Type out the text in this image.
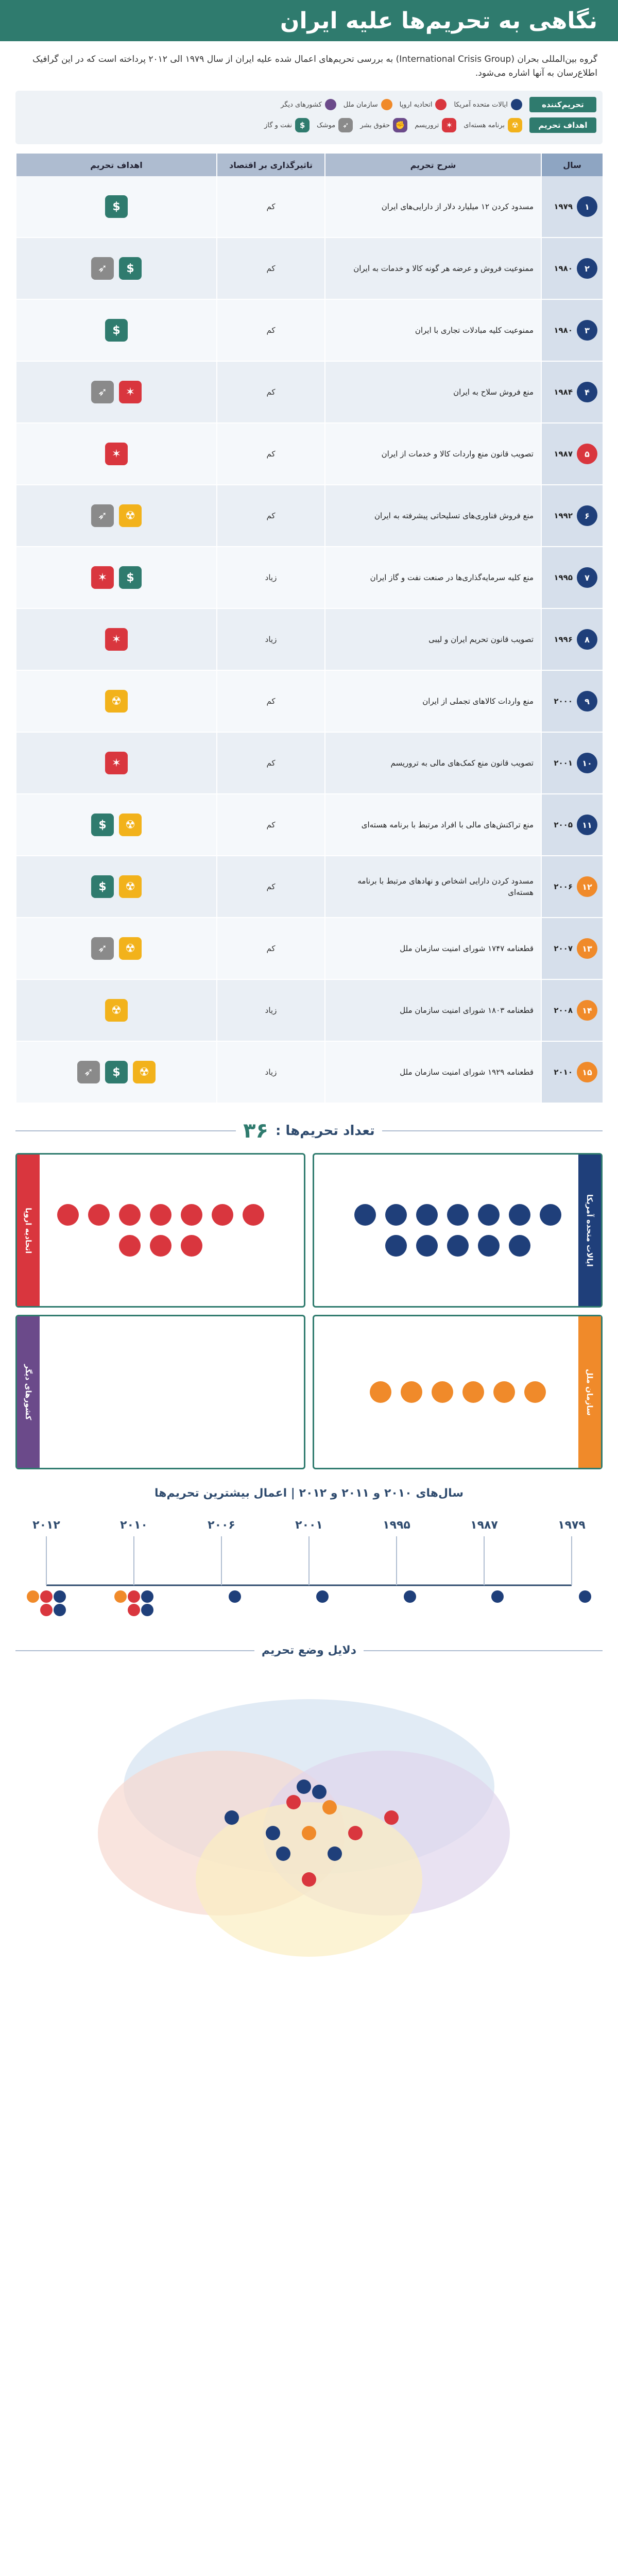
نگاهی به تحریم‌ها علیه ایران

گروه بین‌المللی بحران (International Crisis Group) به بررسی تحریم‌های اعمال شده علیه ایران از سال ۱۹۷۹ الی ۲۰۱۲ پرداخته است که در این گرافیک اطلاع‌رسان به آنها اشاره می‌شود.

تحریم‌کننده
ایالات متحده آمریکا
اتحادیه اروپا
سازمان ملل
کشورهای دیگر
اهداف تحریم
☢
برنامه هسته‌ای
✶
تروریسم
✊
حقوق بشر
➶
موشک
$
نفت و گاز
سال
شرح تحریم
تاثیرگذاری بر اقتصاد
اهداف تحریم
۱
۱۹۷۹
مسدود کردن ۱۲ میلیارد دلار از دارایی‌های ایران
کم
$
۲
۱۹۸۰
ممنوعیت فروش و عرضه هر گونه کالا و خدمات به ایران
کم
$
➶
۳
۱۹۸۰
ممنوعیت کلیه مبادلات تجاری با ایران
کم
$
۴
۱۹۸۴
منع فروش سلاح به ایران
کم
✶
➶
۵
۱۹۸۷
تصویب قانون منع واردات کالا و خدمات از ایران
کم
✶
۶
۱۹۹۲
منع فروش فناوری‌های تسلیحاتی پیشرفته به ایران
کم
☢
➶
۷
۱۹۹۵
منع کلیه سرمایه‌گذاری‌ها در صنعت نفت و گاز ایران
زیاد
$
✶
۸
۱۹۹۶
تصویب قانون تحریم ایران و لیبی
زیاد
✶
۹
۲۰۰۰
منع واردات کالاهای تجملی از ایران
کم
☢
۱۰
۲۰۰۱
تصویب قانون منع کمک‌های مالی به تروریسم
کم
✶
۱۱
۲۰۰۵
منع تراکنش‌های مالی با افراد مرتبط با برنامه هسته‌ای
کم
☢
$
۱۲
۲۰۰۶
مسدود کردن دارایی اشخاص و نهادهای مرتبط با برنامه هسته‌ای
کم
☢
$
۱۳
۲۰۰۷
قطعنامه ۱۷۴۷ شورای امنیت سازمان ملل
کم
☢
➶
۱۴
۲۰۰۸
قطعنامه ۱۸۰۳ شورای امنیت سازمان ملل
زیاد
☢
۱۵
۲۰۱۰
قطعنامه ۱۹۲۹ شورای امنیت سازمان ملل
زیاد
☢
$
➶
تعداد تحریم‌ها :
۳۶
ایالات متحده آمریکا
اتحادیه اروپا
سازمان ملل
کشورهای دیگر
سال‌های ۲۰۱۰ و ۲۰۱۱ و ۲۰۱۲ | اعمال بیشترین تحریم‌ها
۱۹۷۹
۱۹۸۷
۱۹۹۵
۲۰۰۱
۲۰۰۶
۲۰۱۰
۲۰۱۲
دلایل وضع تحریم
